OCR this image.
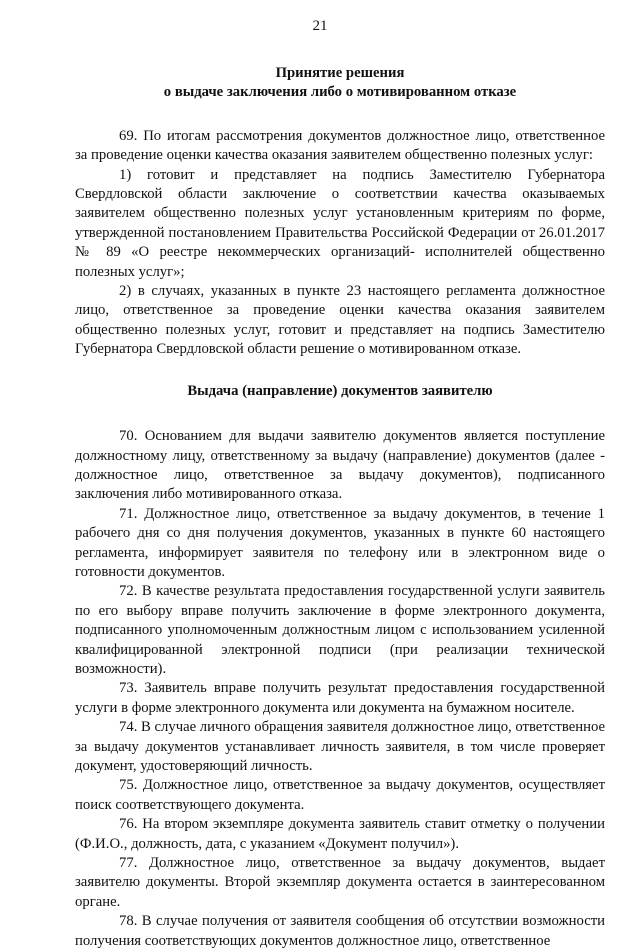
21
Принятие решения
о выдаче заключения либо о мотивированном отказе

69. По итогам рассмотрения документов должностное лицо, ответственное за проведение оценки качества оказания заявителем общественно полезных услуг:

1) готовит и представляет на подпись Заместителю Губернатора Свердловской области заключение о соответствии качества оказываемых заявителем общественно полезных услуг установленным критериям по форме, утвержденной постановлением Правительства Российской Федерации от 26.01.2017 № 89 «О реестре некоммерческих организаций- исполнителей общественно полезных услуг»;

2) в случаях, указанных в пункте 23 настоящего регламента должностное лицо, ответственное за проведение оценки качества оказания заявителем общественно полезных услуг, готовит и представляет на подпись Заместителю Губернатора Свердловской области решение о мотивированном отказе.

Выдача (направление) документов заявителю

70. Основанием для выдачи заявителю документов является поступление должностному лицу, ответственному за выдачу (направление) документов (далее - должностное лицо, ответственное за выдачу документов), подписанного заключения либо мотивированного отказа.

71. Должностное лицо, ответственное за выдачу документов, в течение 1 рабочего дня со дня получения документов, указанных в пункте 60 настоящего регламента, информирует заявителя по телефону или в электронном виде о готовности документов.

72. В качестве результата предоставления государственной услуги заявитель по его выбору вправе получить заключение в форме электронного документа, подписанного уполномоченным должностным лицом с использованием усиленной квалифицированной электронной подписи (при реализации технической возможности).

73. Заявитель вправе получить результат предоставления государственной услуги в форме электронного документа или документа на бумажном носителе.

74. В случае личного обращения заявителя должностное лицо, ответственное за выдачу документов устанавливает личность заявителя, в том числе проверяет документ, удостоверяющий личность.

75. Должностное лицо, ответственное за выдачу документов, осуществляет поиск соответствующего документа.

76. На втором экземпляре документа заявитель ставит отметку о получении (Ф.И.О., должность, дата, с указанием «Документ получил»).

77. Должностное лицо, ответственное за выдачу документов, выдает заявителю документы. Второй экземпляр документа остается в заинтересованном органе.

78. В случае получения от заявителя сообщения об отсутствии возможности получения соответствующих документов должностное лицо, ответственное
